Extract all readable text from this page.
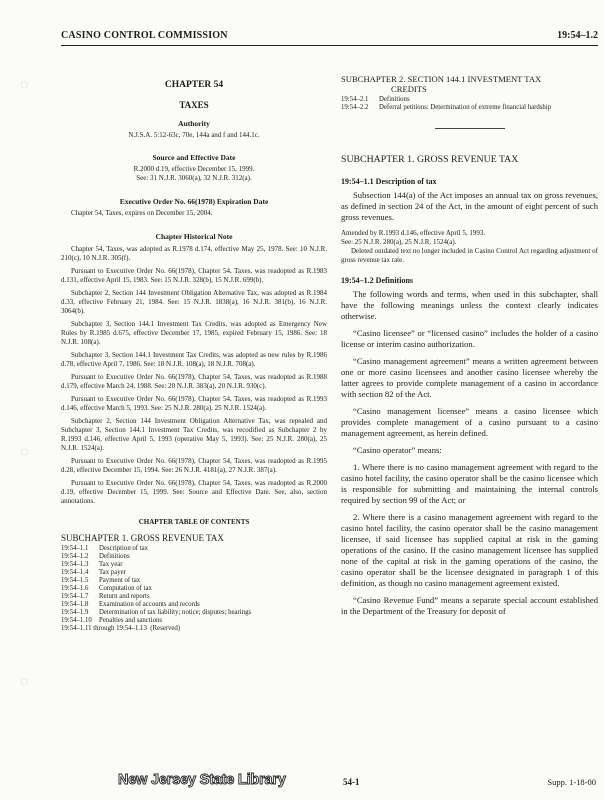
CASINO CONTROL COMMISSION	19:54–1.2
◌
◌
◌
CHAPTER 54
TAXES
Authority
N.J.S.A. 5:12-63c, 70e, 144a and f and 144.1c.
Source and Effective Date
R.2000 d.19, effective December 15, 1999.
See: 31 N.J.R. 3060(a), 32 N.J.R. 312(a).
Executive Order No. 66(1978) Expiration Date
Chapter 54, Taxes, expires on December 15, 2004.
Chapter Historical Note
Chapter 54, Taxes, was adopted as R.1978 d.174, effective May 25, 1978. See: 10 N.J.R. 210(c), 10 N.J.R. 305(f).
Pursuant to Executive Order No. 66(1978), Chapter 54, Taxes, was readopted as R.1983 d.131, effective April 15, 1983. See: 15 N.J.R. 328(b), 15 N.J.R. 699(b).
Subchapter 2, Section 144 Investment Obligation Alternative Tax, was adopted as R.1984 d.33, effective February 21, 1984. See: 15 N.J.R. 1838(a), 16 N.J.R. 381(b), 16 N.J.R. 3064(b).
Subchapter 3, Section 144.1 Investment Tax Credits, was adopted as Emergency New Rules by R.1985 d.675, effective December 17, 1985, expired February 15, 1986. See: 18 N.J.R. 108(a).
Subchapter 3, Section 144.1 Investment Tax Credits, was adopted as new rules by R.1986 d.78, effective April 7, 1986. See: 18 N.J.R. 108(a), 18 N.J.R. 708(a).
Pursuant to Executive Order No. 66(1978), Chapter 54, Taxes, was readopted as R.1988 d.179, effective March 24, 1988. See: 20 N.J.R. 383(a), 20 N.J.R. 930(c).
Pursuant to Executive Order No. 66(1978), Chapter 54, Taxes, was readopted as R.1993 d.146, effective March 5, 1993. See: 25 N.J.R. 280(a), 25 N.J.R. 1524(a).
Subchapter 2, Section 144 Investment Obligation Alternative Tax, was repealed and Subchapter 3, Section 144.1 Investment Tax Credits, was recodified as Subchapter 2 by R.1993 d.146, effective April 5, 1993 (operative May 5, 1993). See: 25 N.J.R. 280(a), 25 N.J.R. 1524(a).
Pursuant to Executive Order No. 66(1978), Chapter 54, Taxes, was readopted as R.1995 d.28, effective December 15, 1994. See: 26 N.J.R. 4181(a), 27 N.J.R. 387(a).
Pursuant to Executive Order No. 66(1978), Chapter 54, Taxes, was readopted as R.2000 d.19, effective December 15, 1999. See: Source and Effective Date. See, also, section annotations.
CHAPTER TABLE OF CONTENTS
SUBCHAPTER 1. GROSS REVENUE TAX
19:54–1.1	Description of tax
19:54–1.2	Definitions
19:54–1.3	Tax year
19:54–1.4	Tax payer
19:54–1.5	Payment of tax
19:54–1.6	Computation of tax
19:54–1.7	Return and reports
19:54–1.8	Examination of accounts and records
19:54–1.9	Determination of tax liability; notice; disputes; hearings
19:54–1.10	Penalties and sanctions
19:54–1.11 through 19:54–1.13 (Reserved)	
SUBCHAPTER 2. SECTION 144.1 INVESTMENT TAX
CREDITS
19:54–2.1	Definitions
19:54–2.2	Deferral petitions: Determination of extreme financial hardship
SUBCHAPTER 1. GROSS REVENUE TAX
19:54–1.1 Description of tax
Subsection 144(a) of the Act imposes an annual tax on gross revenues, as defined in section 24 of the Act, in the amount of eight percent of such gross revenues.
Amended by R.1993 d.146, effective April 5, 1993.
See: 25 N.J.R. 280(a), 25 N.J.R. 1524(a).
Deleted outdated text no longer included in Casino Control Act regarding adjustment of gross revenue tax rate.
19:54–1.2 Definitions
The following words and terms, when used in this subchapter, shall have the following meanings unless the context clearly indicates otherwise.
“Casino licensee” or “licensed casino” includes the holder of a casino license or interim casino authorization.
“Casino management agreement” means a written agreement between one or more casino licensees and another casino licensee whereby the latter agrees to provide complete management of a casino in accordance with section 82 of the Act.
“Casino management licensee” means a casino licensee which provides complete management of a casino pursuant to a casino management agreement, as herein defined.
“Casino operator” means:
1. Where there is no casino management agreement with regard to the casino hotel facility, the casino operator shall be the casino licensee which is responsible for submitting and maintaining the internal controls required by section 99 of the Act; or
2. Where there is a casino management agreement with regard to the casino hotel facility, the casino operator shall be the casino management licensee, if said licensee has supplied capital at risk in the gaming operations of the casino. If the casino management licensee has supplied none of the capital at risk in the gaming operations of the casino, the casino operator shall be the licensee designated in paragraph 1 of this definition, as though no casino management agreement existed.
“Casino Revenue Fund” means a separate special account established in the Department of the Treasury for deposit of
New Jersey State Library	54-1	Supp. 1-18-00
